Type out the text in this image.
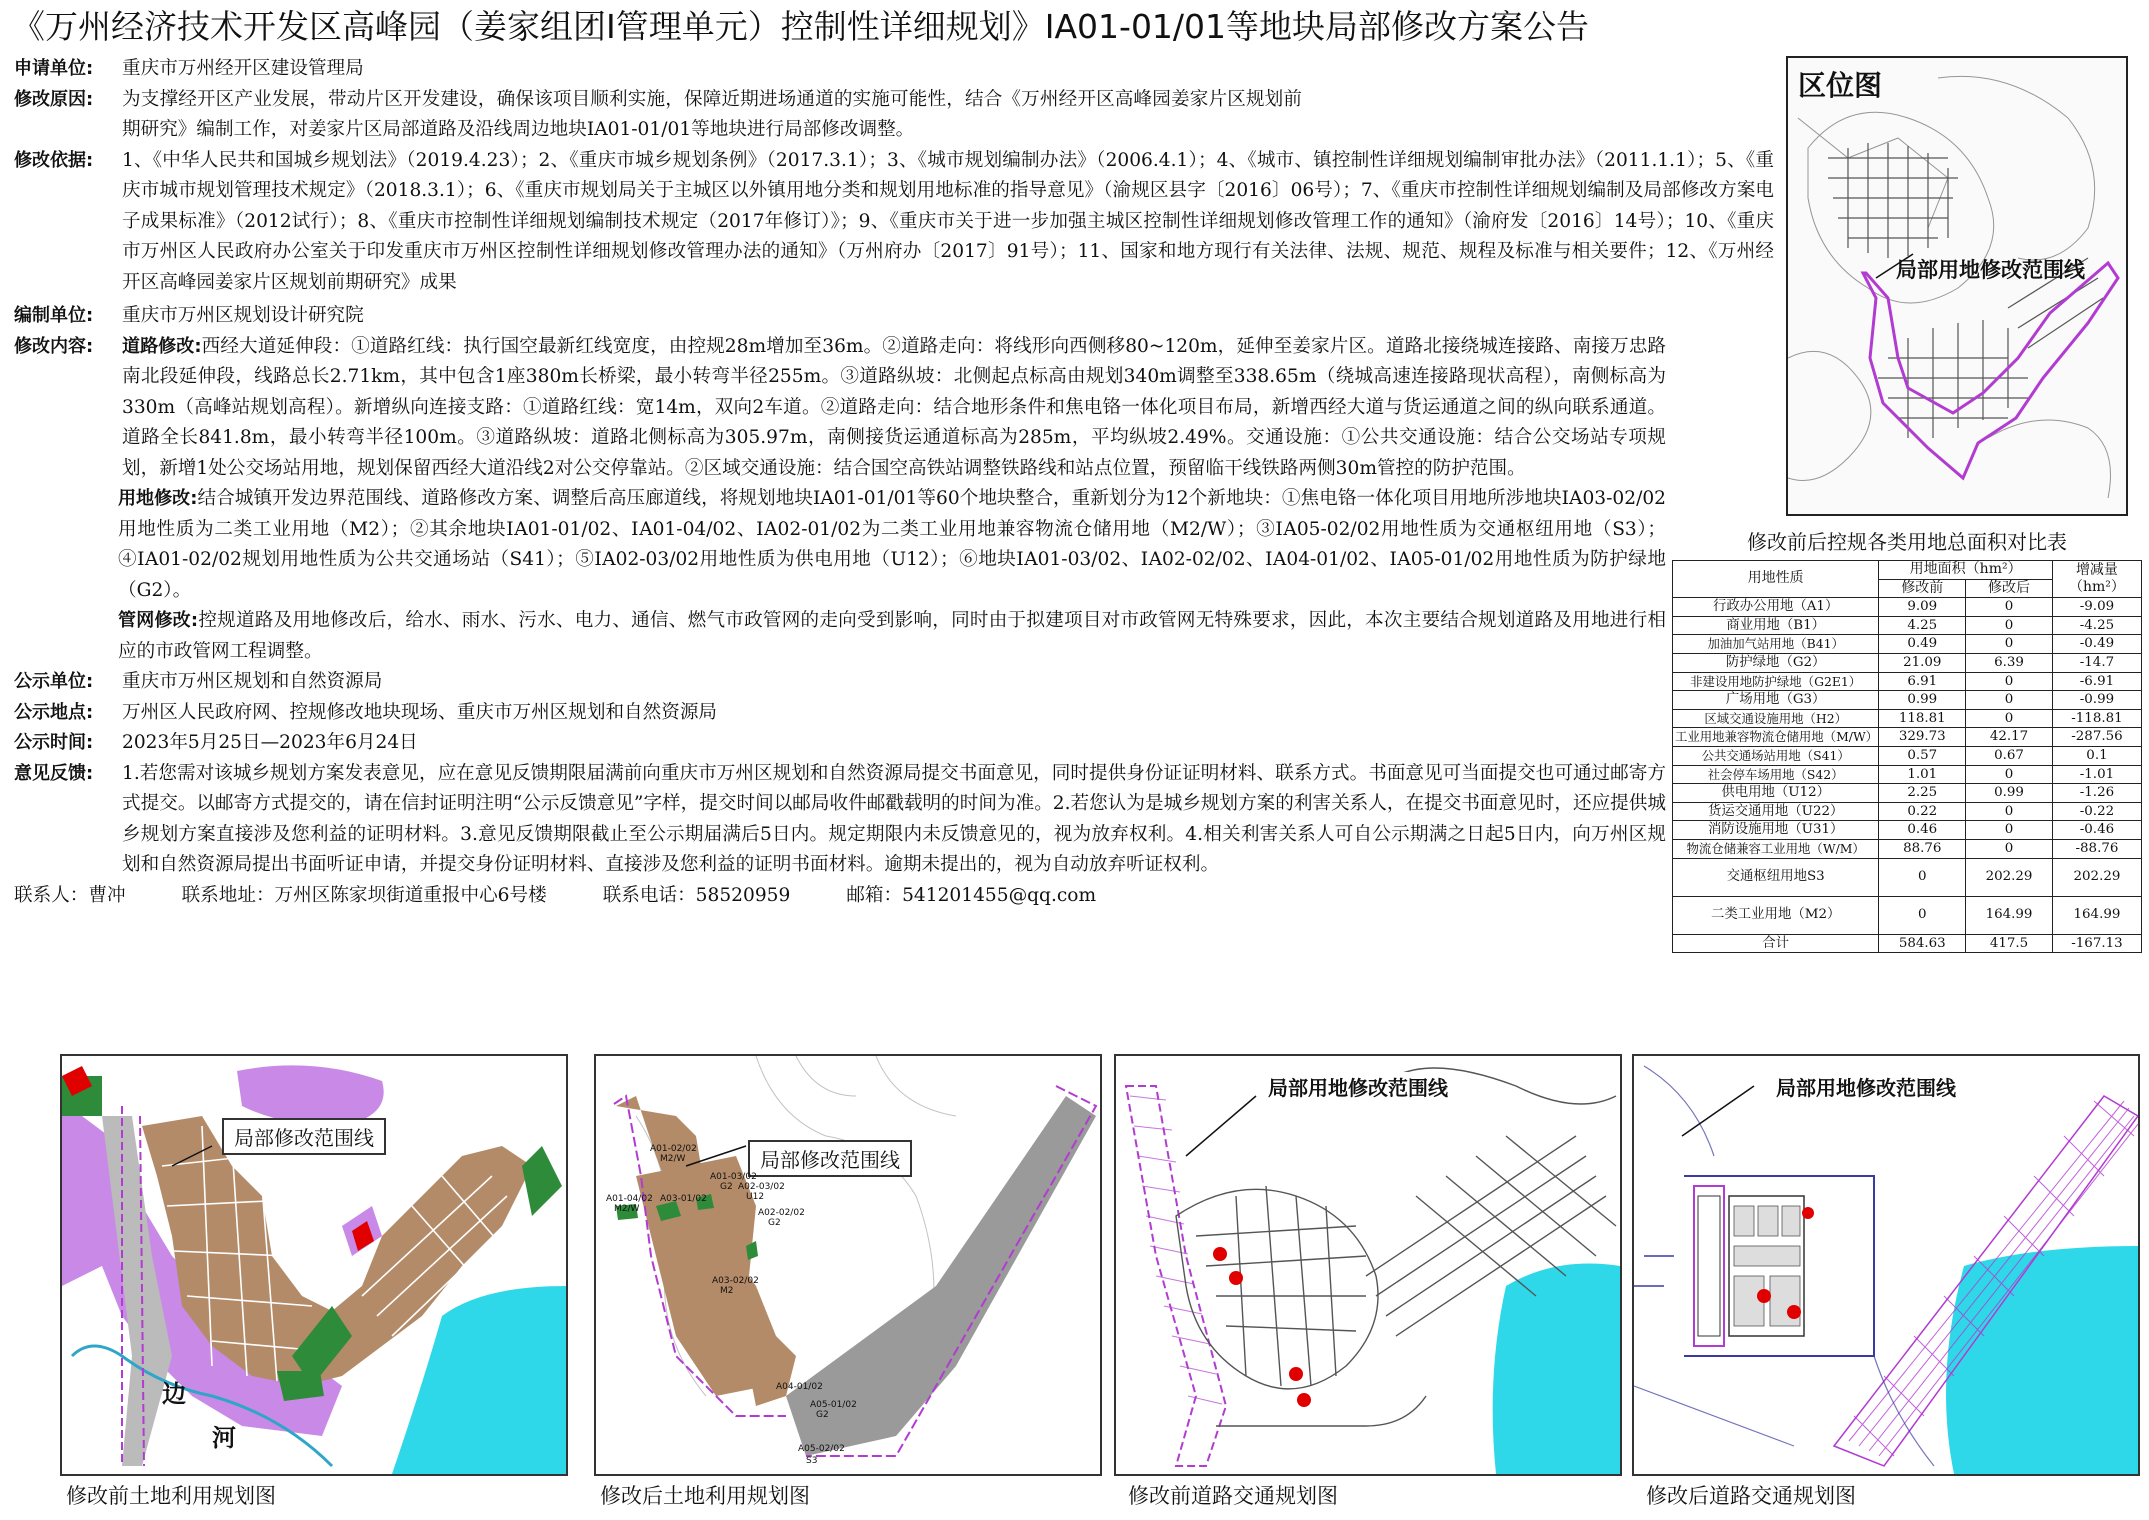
《万州经济技术开发区高峰园（姜家组团I管理单元）控制性详细规划》ⅠA01-01/01等地块局部修改方案公告
申请单位:	重庆市万州经开区建设管理局
修改原因:	为支撑经开区产业发展，带动片区开发建设，确保该项目顺利实施，保障近期进场通道的实施可能性，结合《万州经开区高峰园姜家片区规划前期研究》编制工作，对姜家片区局部道路及沿线周边地块ⅠA01-01/01等地块进行局部修改调整。
修改依据:	1、《中华人民共和国城乡规划法》（2019.4.23）；2、《重庆市城乡规划条例》（2017.3.1）；3、《城市规划编制办法》（2006.4.1）；4、《城市、镇控制性详细规划编制审批办法》（2011.1.1）；5、《重庆市城市规划管理技术规定》（2018.3.1）；6、《重庆市规划局关于主城区以外镇用地分类和规划用地标准的指导意见》（渝规区县字〔2016〕06号）；7、《重庆市控制性详细规划编制及局部修改方案电子成果标准》（2012试行）；8、《重庆市控制性详细规划编制技术规定（2017年修订）》；9、《重庆市关于进一步加强主城区控制性详细规划修改管理工作的通知》（渝府发〔2016〕14号）；10、《重庆市万州区人民政府办公室关于印发重庆市万州区控制性详细规划修改管理办法的通知》（万州府办〔2017〕91号）；11、国家和地方现行有关法律、法规、规范、规程及标准与相关要件；12、《万州经开区高峰园姜家片区规划前期研究》成果
编制单位:	重庆市万州区规划设计研究院
修改内容:	道路修改:西经大道延伸段：①道路红线：执行国空最新红线宽度，由控规28m增加至36m。②道路走向：将线形向西侧移80~120m，延伸至姜家片区。道路北接绕城连接路、南接万忠路南北段延伸段，线路总长2.71km，其中包含1座380m长桥梁，最小转弯半径255m。③道路纵坡：北侧起点标高由规划340m调整至338.65m（绕城高速连接路现状高程），南侧标高为330m（高峰站规划高程）。新增纵向连接支路：①道路红线：宽14m，双向2车道。②道路走向：结合地形条件和焦电铬一体化项目布局，新增西经大道与货运通道之间的纵向联系通道。道路全长841.8m，最小转弯半径100m。③道路纵坡：道路北侧标高为305.97m，南侧接货运通道标高为285m，平均纵坡2.49%。交通设施：①公共交通设施：结合公交场站专项规划，新增1处公交场站用地，规划保留西经大道沿线2对公交停靠站。②区域交通设施：结合国空高铁站调整铁路线和站点位置，预留临干线铁路两侧30m管控的防护范围。
用地修改:结合城镇开发边界范围线、道路修改方案、调整后高压廊道线，将规划地块ⅠA01-01/01等60个地块整合，重新划分为12个新地块：①焦电铬一体化项目用地所涉地块ⅠA03-02/02用地性质为二类工业用地（M2）；②其余地块ⅠA01-01/02、ⅠA01-04/02、ⅠA02-01/02为二类工业用地兼容物流仓储用地（M2/W）；③ⅠA05-02/02用地性质为交通枢纽用地（S3）；④ⅠA01-02/02规划用地性质为公共交通场站（S41）；⑤ⅠA02-03/02用地性质为供电用地（U12）；⑥地块ⅠA01-03/02、ⅠA02-02/02、ⅠA04-01/02、ⅠA05-01/02用地性质为防护绿地（G2）。
管网修改:控规道路及用地修改后，给水、雨水、污水、电力、通信、燃气市政管网的走向受到影响，同时由于拟建项目对市政管网无特殊要求，因此，本次主要结合规划道路及用地进行相应的市政管网工程调整。
公示单位:	重庆市万州区规划和自然资源局
公示地点:	万州区人民政府网、控规修改地块现场、重庆市万州区规划和自然资源局
公示时间:	2023年5月25日—2023年6月24日
意见反馈:	1.若您需对该城乡规划方案发表意见，应在意见反馈期限届满前向重庆市万州区规划和自然资源局提交书面意见，同时提供身份证证明材料、联系方式。书面意见可当面提交也可通过邮寄方式提交。以邮寄方式提交的，请在信封证明注明“公示反馈意见”字样，提交时间以邮局收件邮戳载明的时间为准。2.若您认为是城乡规划方案的利害关系人，在提交书面意见时，还应提供城乡规划方案直接涉及您利益的证明材料。3.意见反馈期限截止至公示期届满后5日内。规定期限内未反馈意见的，视为放弃权利。4.相关利害关系人可自公示期满之日起5日内，向万州区规划和自然资源局提出书面听证申请，并提交身份证明材料、直接涉及您利益的证明书面材料。逾期未提出的，视为自动放弃听证权利。
联系人：曹冲	联系地址：万州区陈家坝街道重报中心6号楼	联系电话：58520959	邮箱：541201455@qq.com
区位图
局部用地修改范围线
修改前后控规各类用地总面积对比表
用地性质	用地面积（hm²）		增减量（hm²）
	修改前	修改后	
行政办公用地（A1）	9.09	0	-9.09
商业用地（B1）	4.25	0	-4.25
加油加气站用地（B41）	0.49	0	-0.49
防护绿地（G2）	21.09	6.39	-14.7
非建设用地防护绿地（G2E1）	6.91	0	-6.91
广场用地（G3）	0.99	0	-0.99
区域交通设施用地（H2）	118.81	0	-118.81
工业用地兼容物流仓储用地（M/W）	329.73	42.17	-287.56
公共交通场站用地（S41）	0.57	0.67	0.1
社会停车场用地（S42）	1.01	0	-1.01
供电用地（U12）	2.25	0.99	-1.26
货运交通用地（U22）	0.22	0	-0.22
消防设施用地（U31）	0.46	0	-0.46
物流仓储兼容工业用地（W/M）	88.76	0	-88.76
交通枢纽用地S3	0	202.29	202.29
二类工业用地（M2）	0	164.99	164.99
合计	584.63	417.5	-167.13
局部修改范围线
边
河
修改前土地利用规划图
局部修改范围线
A01-02/02
M2/W
A01-03/02
G2
A01-04/02
M2/W
A03-01/02
A02-03/02
U12
A02-02/02
G2
A03-02/02
M2
A04-01/02
A05-01/02
G2
A05-02/02
S3
修改后土地利用规划图
局部用地修改范围线
修改前道路交通规划图
局部用地修改范围线
修改后道路交通规划图
